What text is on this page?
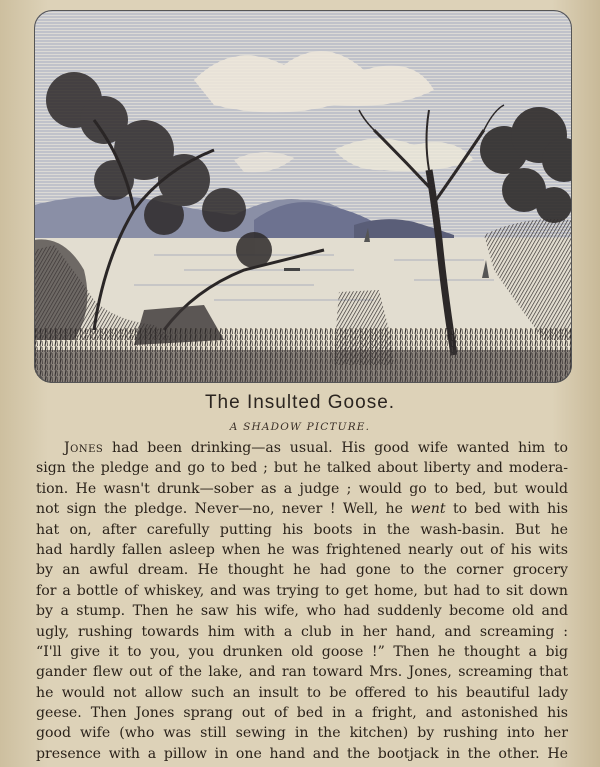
The Insulted Goose.
A SHADOW PICTURE.
Jones had been drinking—as usual. His good wife wanted him to
sign the pledge and go to bed ; but he talked about liberty and modera-
tion. He wasn't drunk—sober as a judge ; would go to bed, but would
not sign the pledge. Never—no, never ! Well, he went to bed with his
hat on, after carefully putting his boots in the wash-basin. But he
had hardly fallen asleep when he was frightened nearly out of his wits
by an awful dream. He thought he had gone to the corner grocery
for a bottle of whiskey, and was trying to get home, but had to sit down
by a stump. Then he saw his wife, who had suddenly become old and
ugly, rushing towards him with a club in her hand, and screaming :
“I'll give it to you, you drunken old goose !” Then he thought a big
gander flew out of the lake, and ran toward Mrs. Jones, screaming that
he would not allow such an insult to be offered to his beautiful lady
geese. Then Jones sprang out of bed in a fright, and astonished his
good wife (who was still sewing in the kitchen) by rushing into her
presence with a pillow in one hand and the bootjack in the other. He
